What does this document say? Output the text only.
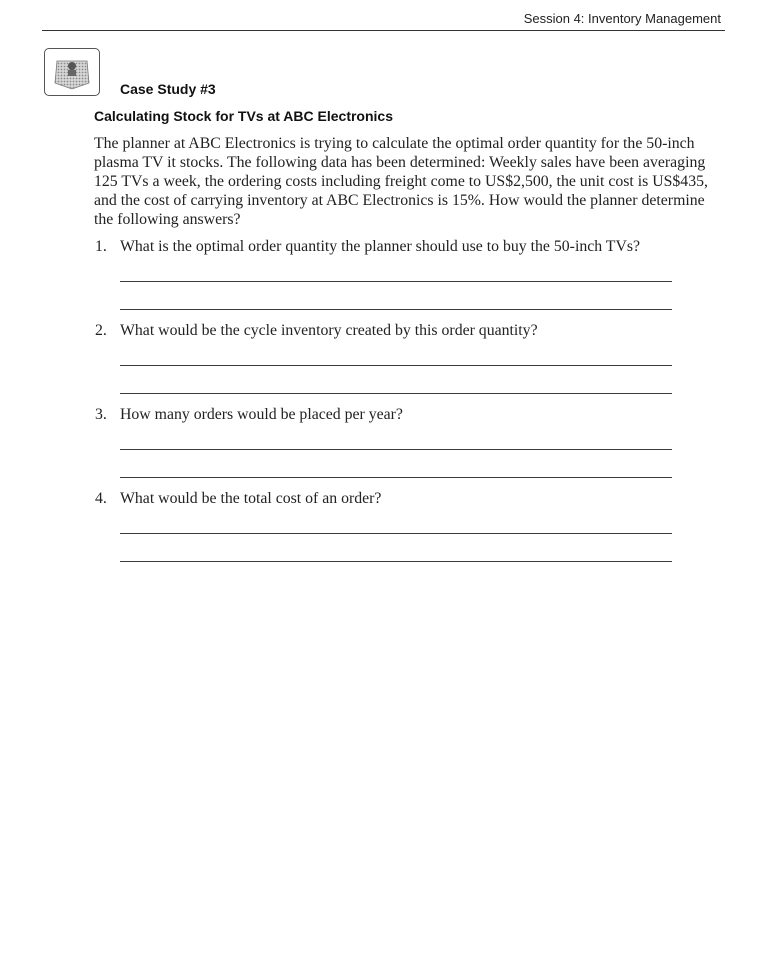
Session 4: Inventory Management
Case Study #3
Calculating Stock for TVs at ABC Electronics

The planner at ABC Electronics is trying to calculate the optimal order quantity for the 50-inch plasma TV it stocks. The following data has been determined: Weekly sales have been averaging 125 TVs a week, the ordering costs including freight come to US$2,500, the unit cost is US$435, and the cost of carrying inventory at ABC Electronics is 15%. How would the planner determine the following answers?

1. What is the optimal order quantity the planner should use to buy the 50-inch TVs?
2. What would be the cycle inventory created by this order quantity?
3. How many orders would be placed per year?
4. What would be the total cost of an order?
